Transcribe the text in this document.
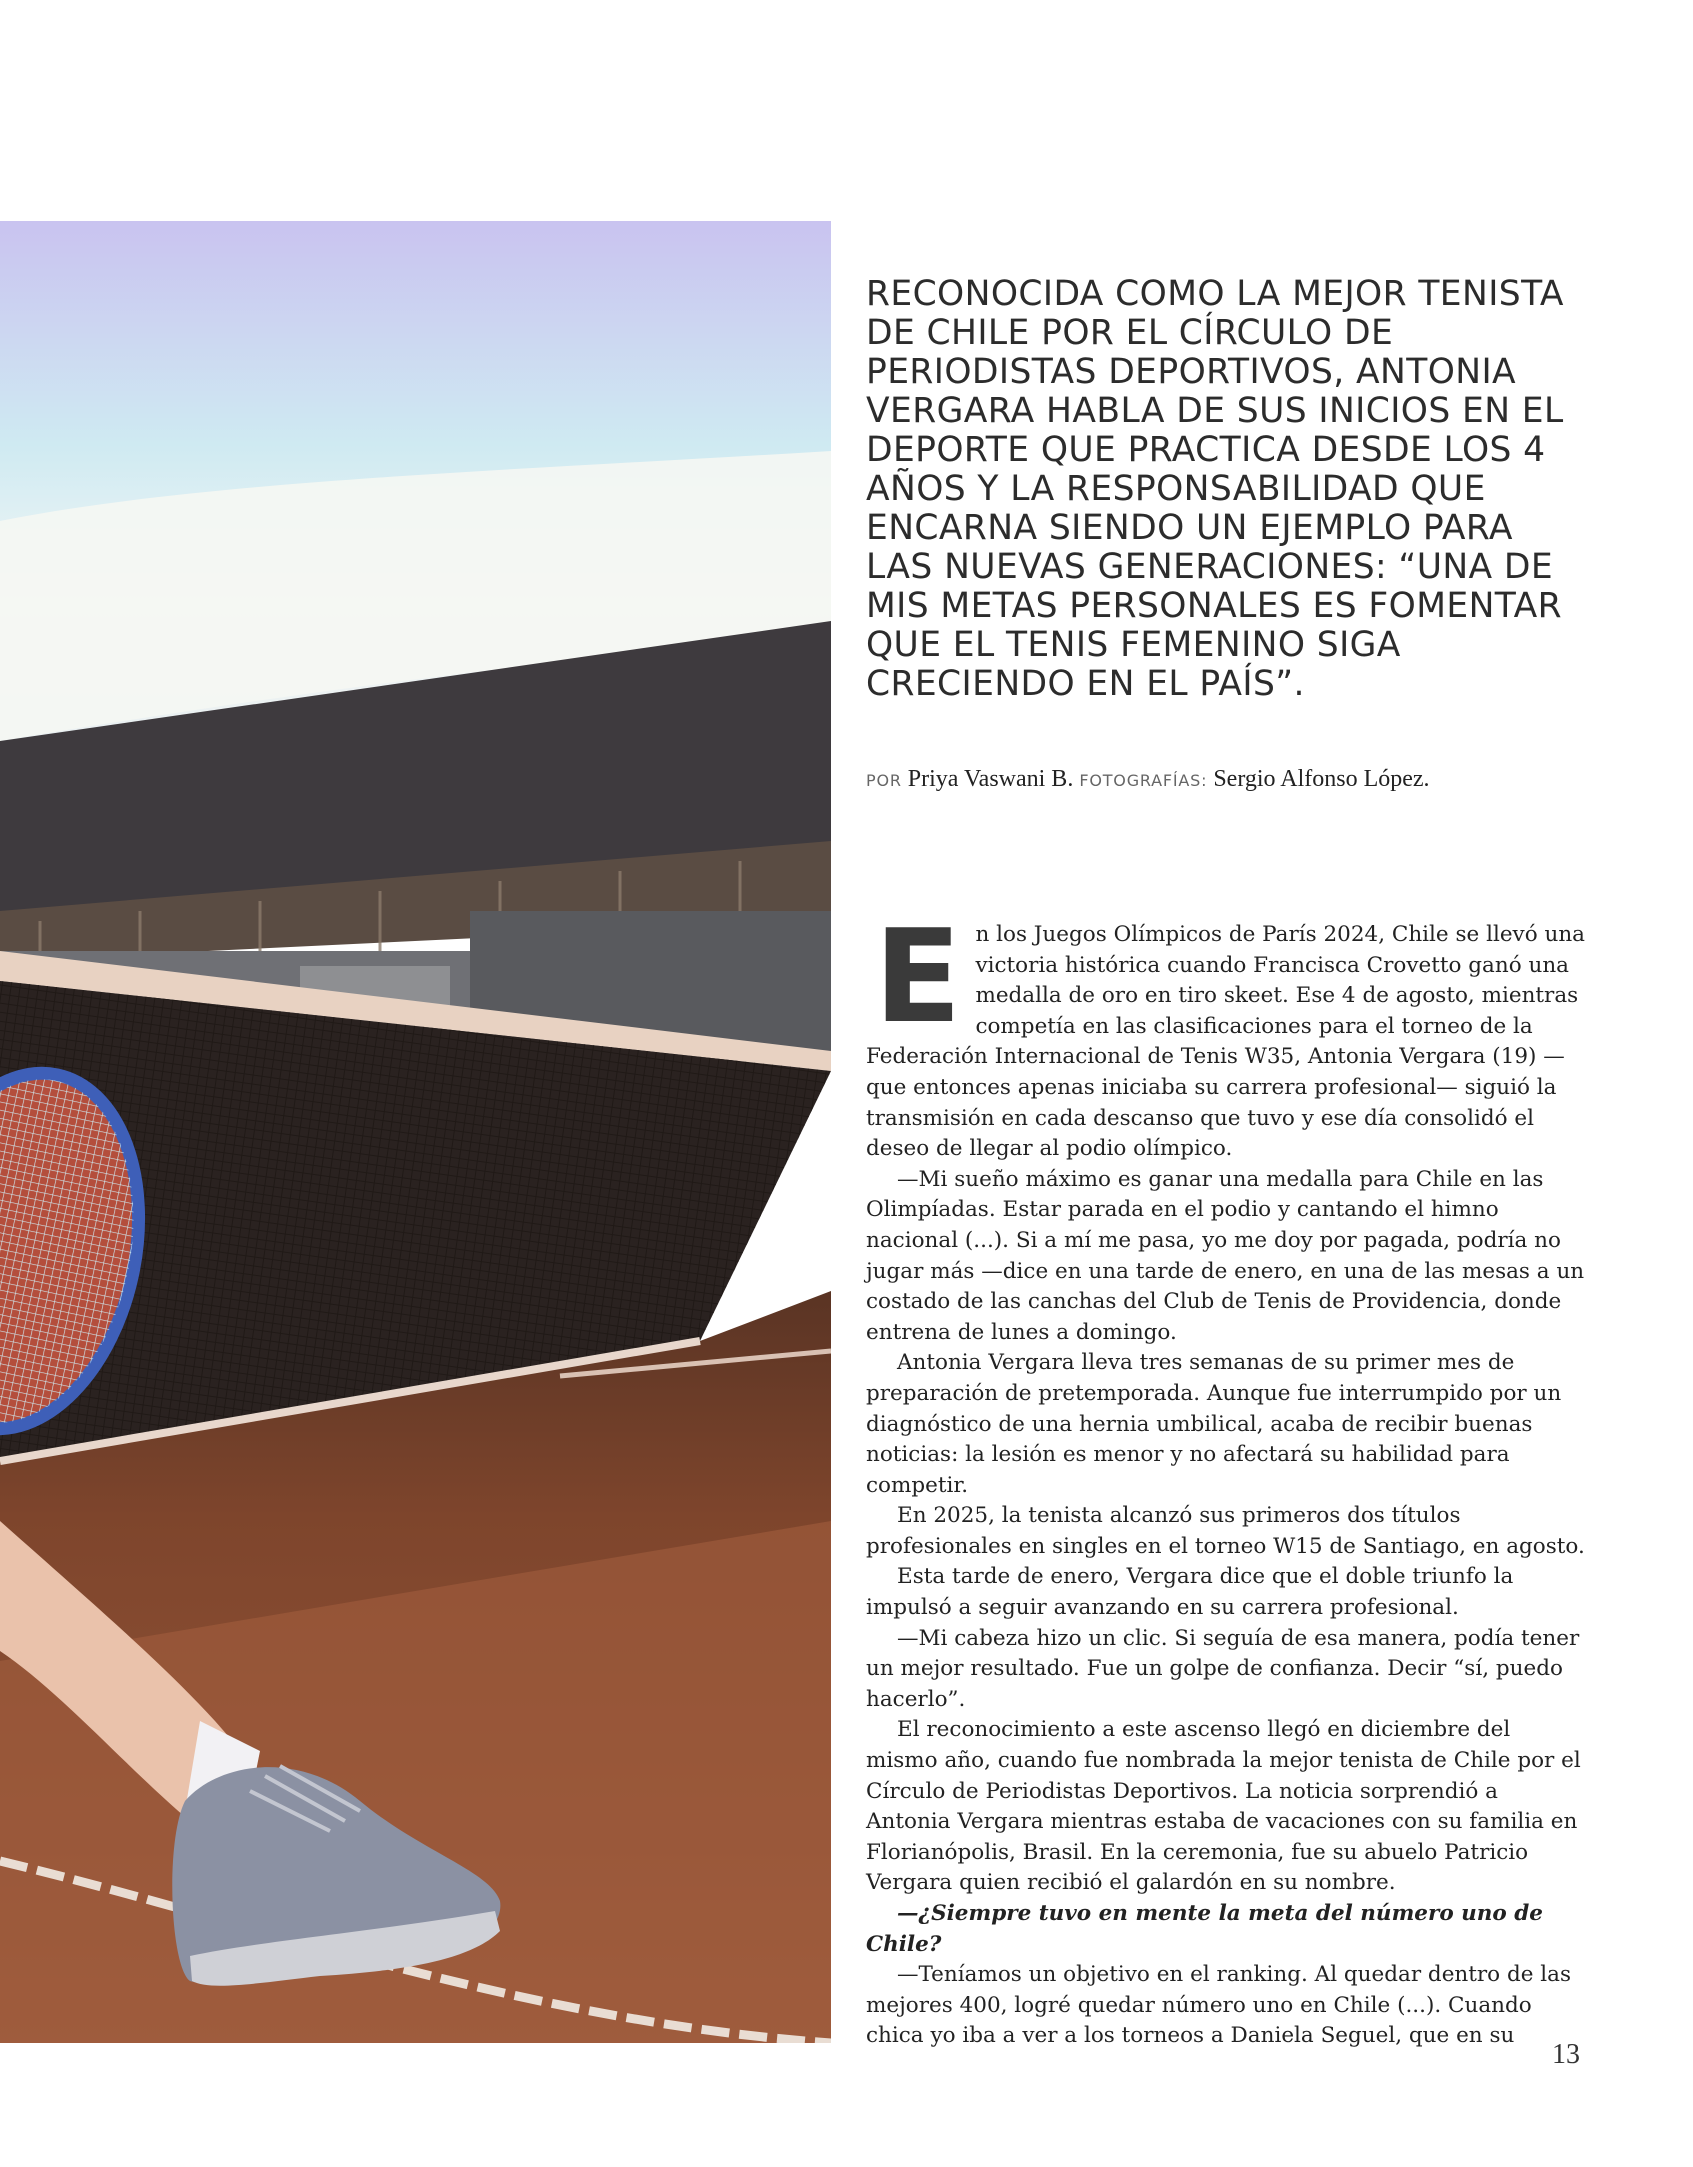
RECONOCIDA COMO LA MEJOR TENISTA DE CHILE POR EL CÍRCULO DE PERIODISTAS DEPORTIVOS, ANTONIA VERGARA HABLA DE SUS INICIOS EN EL DEPORTE QUE PRACTICA DESDE LOS 4 AÑOS Y LA RESPONSABILIDAD QUE ENCARNA SIENDO UN EJEMPLO PARA LAS NUEVAS GENERACIONES: “UNA DE MIS METAS PERSONALES ES FOMENTAR QUE EL TENIS FEMENINO SIGA CRECIENDO EN EL PAÍS”.

POR Priya Vaswani B. FOTOGRAFÍAS: Sergio Alfonso López.

En los Juegos Olímpicos de París 2024, Chile se llevó una victoria histórica cuando Francisca Crovetto ganó una medalla de oro en tiro skeet. Ese 4 de agosto, mientras competía en las clasificaciones para el torneo de la Federación Internacional de Tenis W35, Antonia Vergara (19) —que entonces apenas iniciaba su carrera profesional— siguió la transmisión en cada descanso que tuvo y ese día consolidó el deseo de llegar al podio olímpico.

—Mi sueño máximo es ganar una medalla para Chile en las Olimpíadas. Estar parada en el podio y cantando el himno nacional (...). Si a mí me pasa, yo me doy por pagada, podría no jugar más —dice en una tarde de enero, en una de las mesas a un costado de las canchas del Club de Tenis de Providencia, donde entrena de lunes a domingo.

Antonia Vergara lleva tres semanas de su primer mes de preparación de pretemporada. Aunque fue interrumpido por un diagnóstico de una hernia umbilical, acaba de recibir buenas noticias: la lesión es menor y no afectará su habilidad para competir.

En 2025, la tenista alcanzó sus primeros dos títulos profesionales en singles en el torneo W15 de Santiago, en agosto.

Esta tarde de enero, Vergara dice que el doble triunfo la impulsó a seguir avanzando en su carrera profesional.

—Mi cabeza hizo un clic. Si seguía de esa manera, podía tener un mejor resultado. Fue un golpe de confianza. Decir “sí, puedo hacerlo”.

El reconocimiento a este ascenso llegó en diciembre del mismo año, cuando fue nombrada la mejor tenista de Chile por el Círculo de Periodistas Deportivos. La noticia sorprendió a Antonia Vergara mientras estaba de vacaciones con su familia en Florianópolis, Brasil. En la ceremonia, fue su abuelo Patricio Vergara quien recibió el galardón en su nombre.

—¿Siempre tuvo en mente la meta del número uno de Chile?

—Teníamos un objetivo en el ranking. Al quedar dentro de las mejores 400, logré quedar número uno en Chile (...). Cuando chica yo iba a ver a los torneos a Daniela Seguel, que en su

13
